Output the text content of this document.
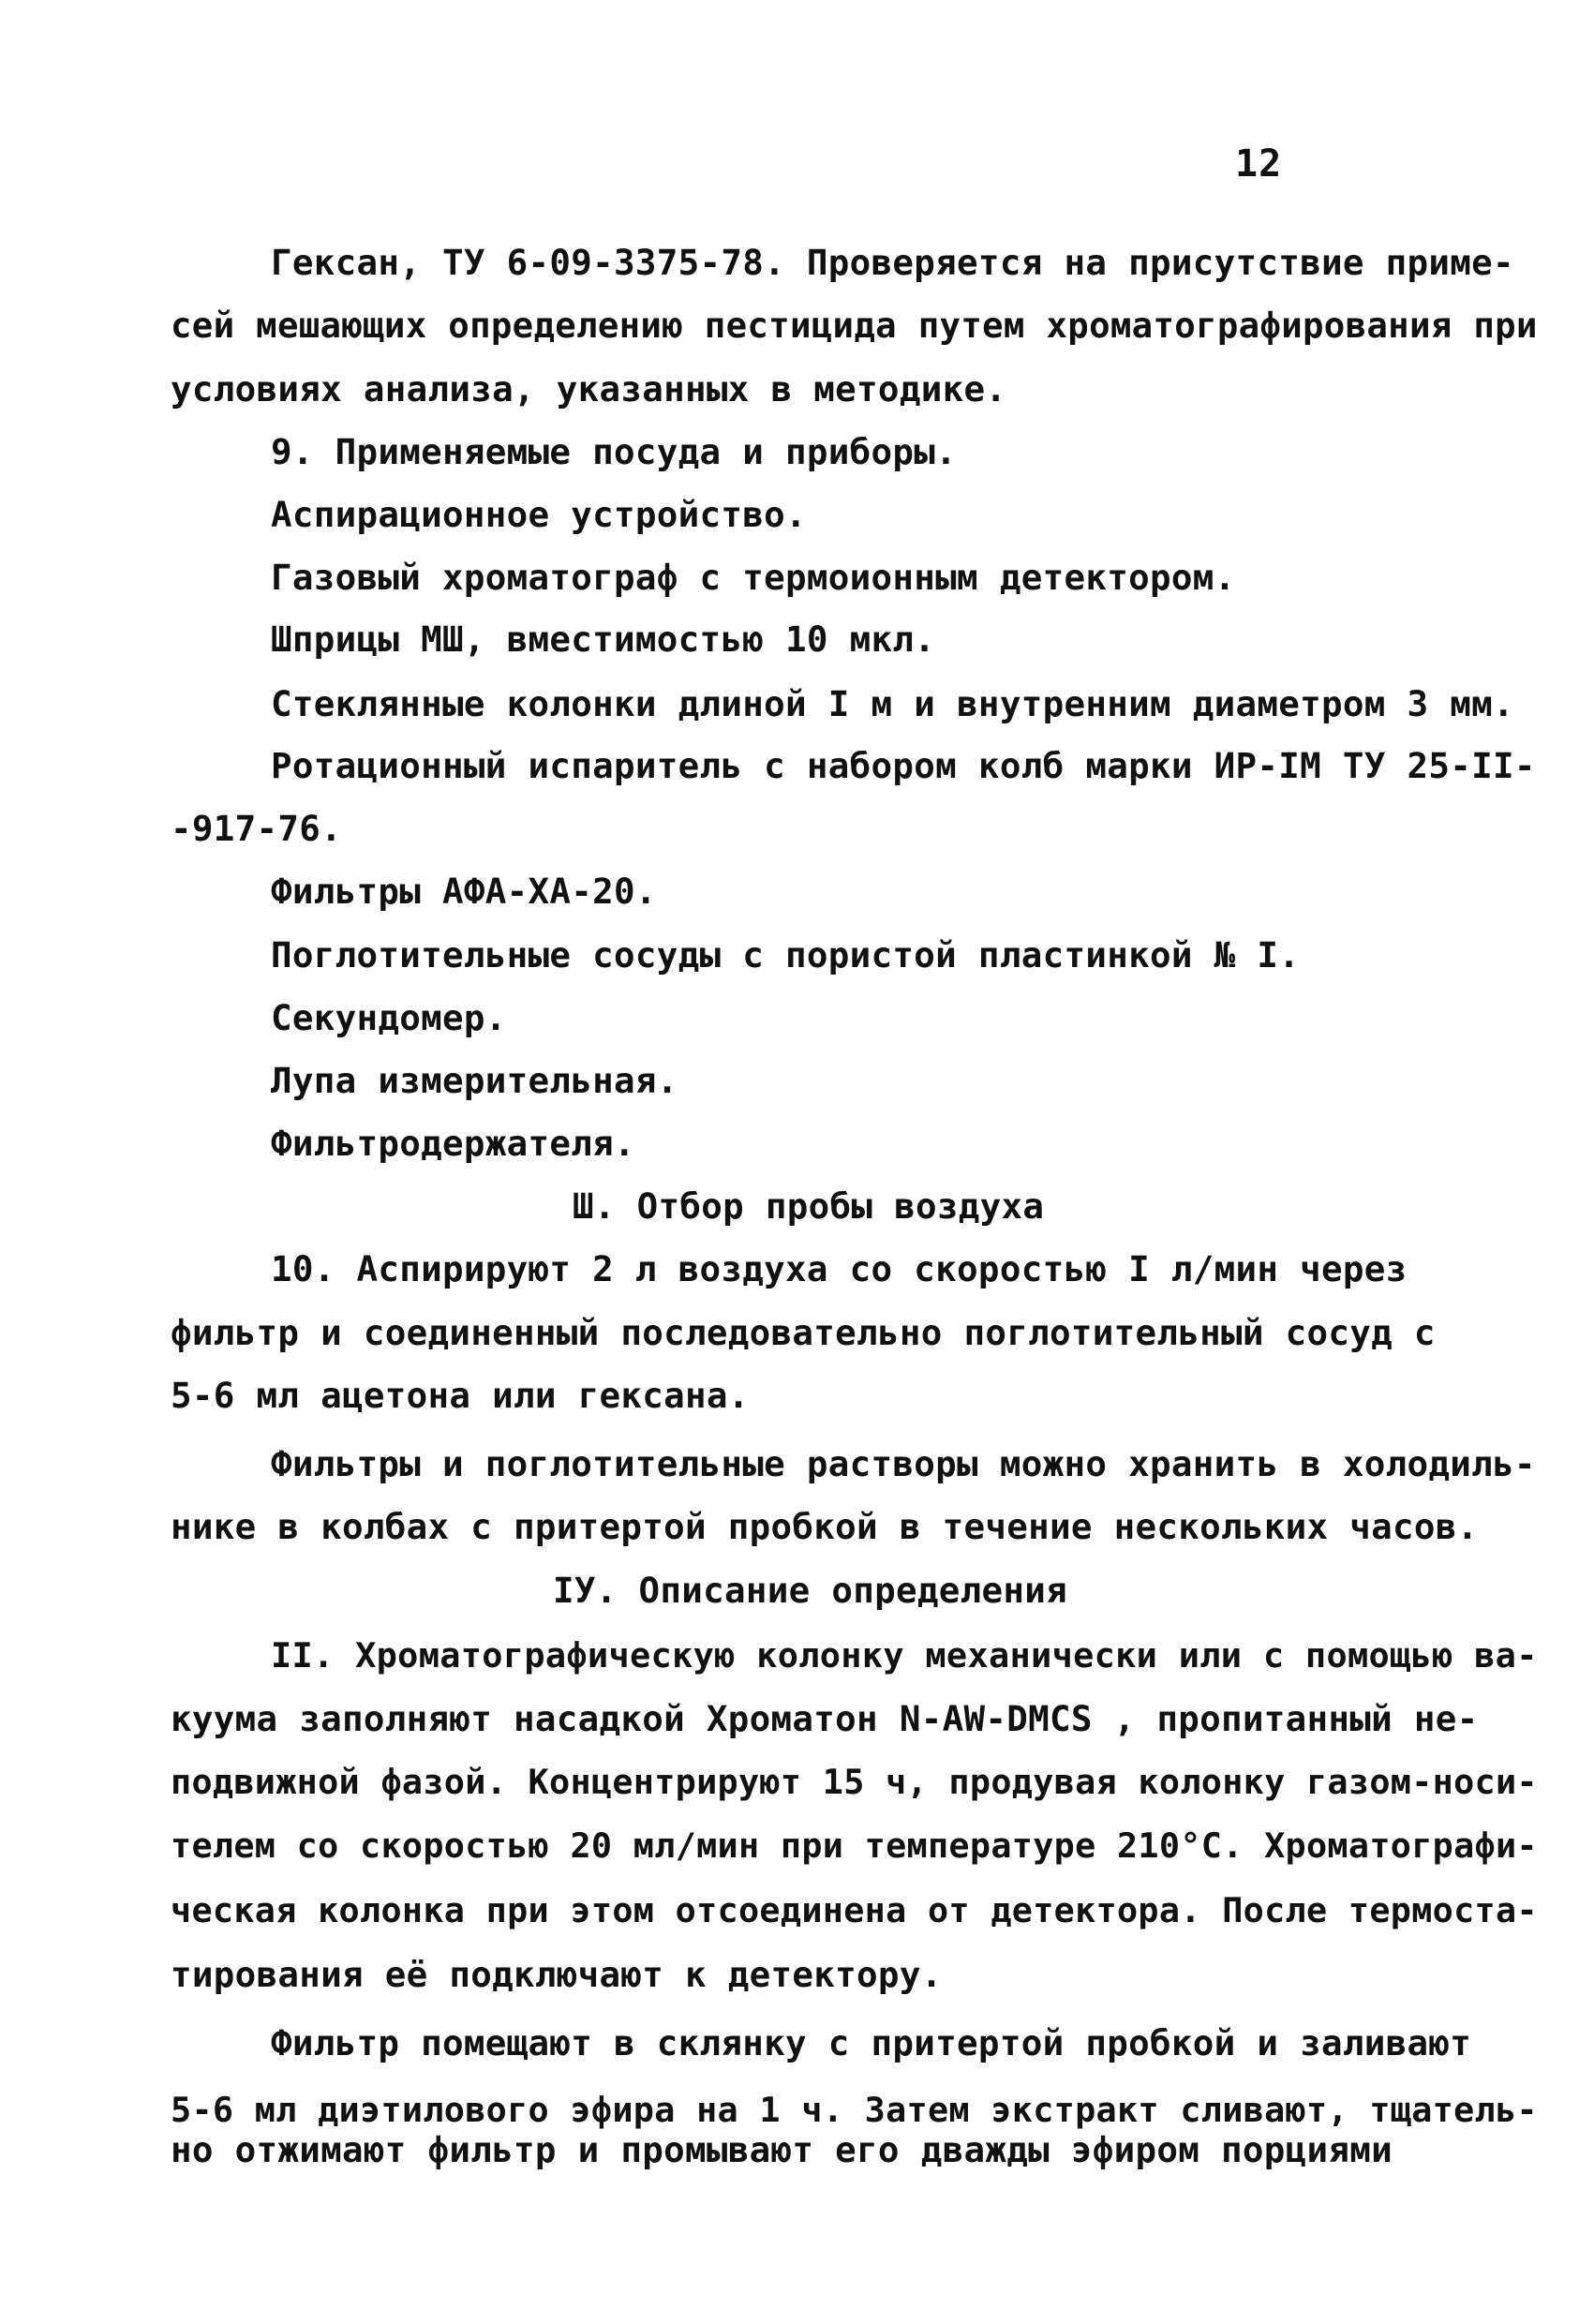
12
Гексан, ТУ 6-09-3375-78. Проверяется на присутствие приме-
сей мешающих определению пестицида путем хроматографирования при
условиях анализа, указанных в методике.
9. Применяемые посуда и приборы.
Аспирационное устройство.
Газовый хроматограф с термоионным детектором.
Шприцы МШ, вместимостью 10 мкл.
Стеклянные колонки длиной I м и внутренним диаметром 3 мм.
Ротационный испаритель с набором колб марки ИР-IМ ТУ 25-II-
-917-76.
Фильтры АФА-ХА-20.
Поглотительные сосуды с пористой пластинкой № I.
Секундомер.
Лупа измерительная.
Фильтродержателя.
Ш. Отбор пробы воздуха
10. Аспирируют 2 л воздуха со скоростью I л/мин через
фильтр и соединенный последовательно поглотительный сосуд с
5-6 мл ацетона или гексана.
Фильтры и поглотительные растворы можно хранить в холодиль-
нике в колбах с притертой пробкой в течение нескольких часов.
IУ. Описание определения
II. Хроматографическую колонку механически или с помощью ва-
куума заполняют насадкой Хроматон N-AW-DMCS , пропитанный не-
подвижной фазой. Концентрируют 15 ч, продувая колонку газом-носи-
телем со скоростью 20 мл/мин при температуре 210°С. Хроматографи-
ческая колонка при этом отсоединена от детектора. После термоста-
тирования её подключают к детектору.
Фильтр помещают в склянку с притертой пробкой и заливают
5-6 мл диэтилового эфира на 1 ч. Затем экстракт сливают, тщатель-
но отжимают фильтр и промывают его дважды эфиром порциями
